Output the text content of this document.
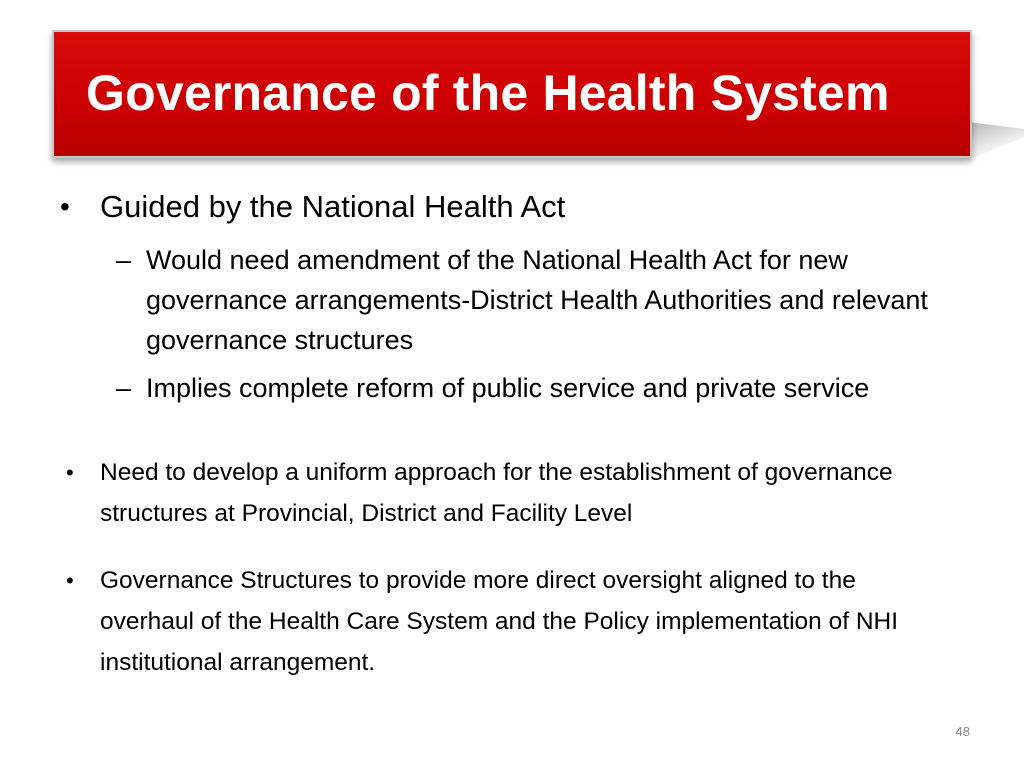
Governance of the Health System
• Guided by the National Health Act
– Would need amendment of the National Health Act for new governance arrangements-District Health Authorities and relevant governance structures
– Implies complete reform of public service and private service
• Need to develop a uniform approach for the establishment of governance structures at Provincial, District and Facility Level
• Governance Structures to provide more direct oversight aligned to the overhaul of the Health Care System and the Policy implementation of NHI institutional arrangement.
48
